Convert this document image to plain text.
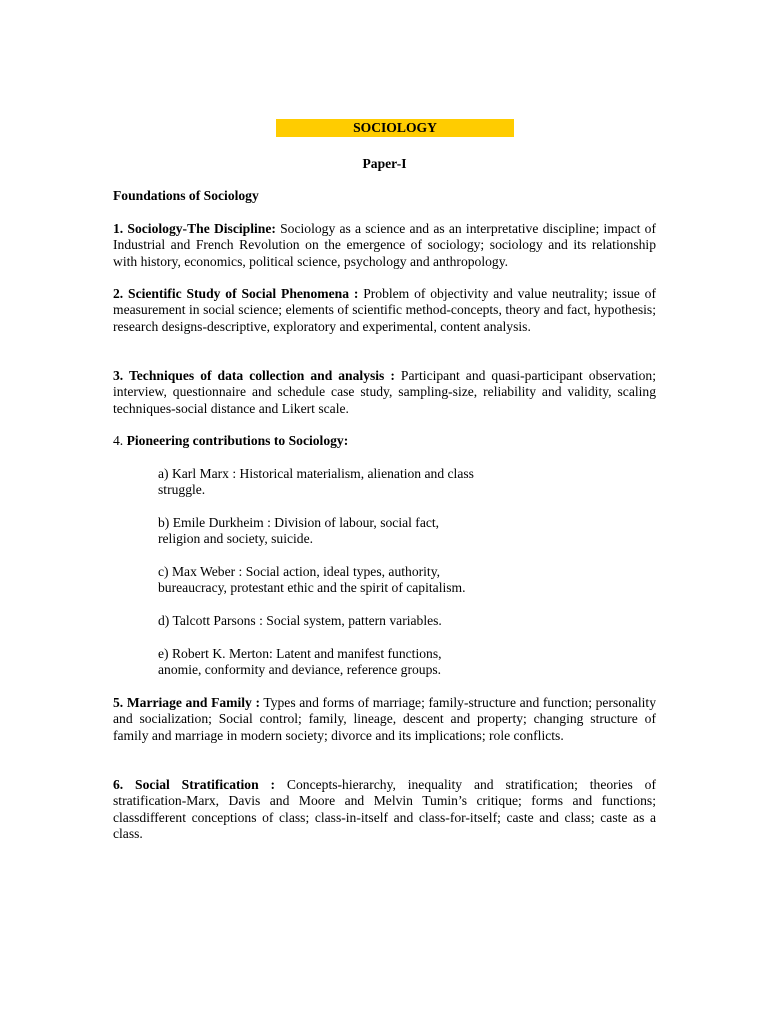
SOCIOLOGY
Paper-I
Foundations of Sociology
1. Sociology-The Discipline: Sociology as a science and as an interpretative discipline; impact of Industrial and French Revolution on the emergence of sociology; sociology and its relationship with history, economics, political science, psychology and anthropology.
2. Scientific Study of Social Phenomena : Problem of objectivity and value neutrality; issue of measurement in social science; elements of scientific method-concepts, theory and fact, hypothesis; research designs-descriptive, exploratory and experimental, content analysis.
3. Techniques of data collection and analysis : Participant and quasi-participant observation; interview, questionnaire and schedule case study, sampling-size, reliability and validity, scaling techniques-social distance and Likert scale.
4. Pioneering contributions to Sociology:
a) Karl Marx : Historical materialism, alienation and class
struggle.
b) Emile Durkheim : Division of labour, social fact,
religion and society, suicide.
c) Max Weber : Social action, ideal types, authority,
bureaucracy, protestant ethic and the spirit of capitalism.
d) Talcott Parsons : Social system, pattern variables.
e) Robert K. Merton: Latent and manifest functions,
anomie, conformity and deviance, reference groups.
5. Marriage and Family : Types and forms of marriage; family-structure and function; personality and socialization; Social control; family, lineage, descent and property; changing structure of family and marriage in modern society; divorce and its implications; role conflicts.
6. Social Stratification : Concepts-hierarchy, inequality and stratification; theories of stratification-Marx, Davis and Moore and Melvin Tumin’s critique; forms and functions; classdifferent conceptions of class; class-in-itself and class-for-itself; caste and class; caste as a class.
